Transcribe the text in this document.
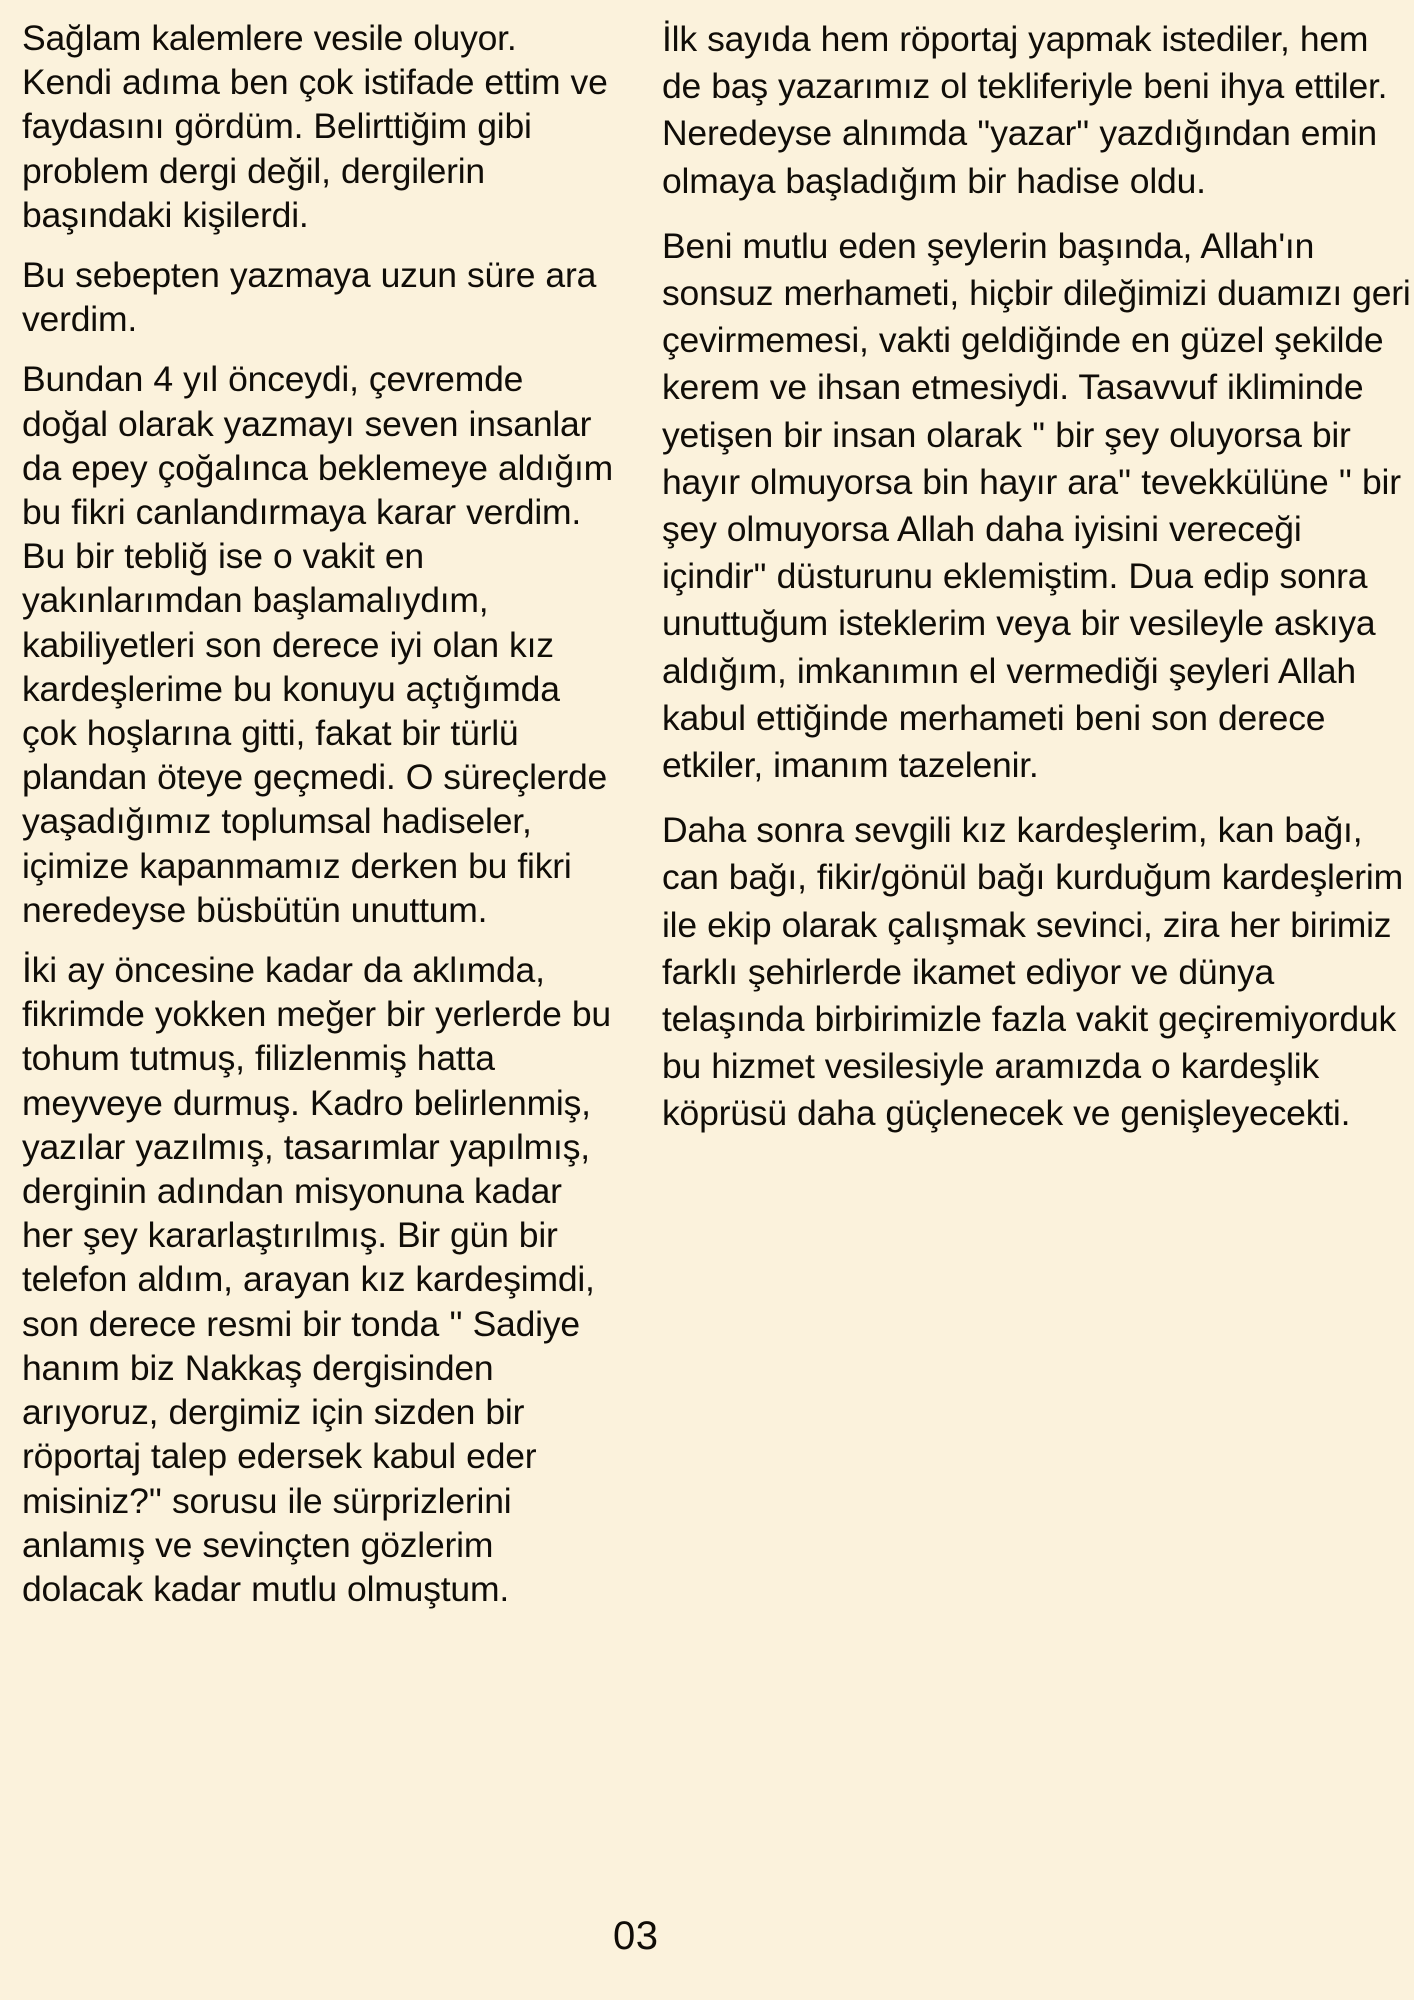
Sağlam kalemlere vesile oluyor. Kendi adıma ben çok istifade ettim ve faydasını gördüm. Belirttiğim gibi problem dergi değil, dergilerin başındaki kişilerdi.

Bu sebepten yazmaya uzun süre ara verdim.

Bundan 4 yıl önceydi, çevremde doğal olarak yazmayı seven insanlar da epey çoğalınca beklemeye aldığım bu fikri canlandırmaya karar verdim. Bu bir tebliğ ise o vakit en yakınlarımdan başlamalıydım, kabiliyetleri son derece iyi olan kız kardeşlerime bu konuyu açtığımda çok hoşlarına gitti, fakat bir türlü plandan öteye geçmedi. O süreçlerde yaşadığımız toplumsal hadiseler, içimize kapanmamız derken bu fikri neredeyse büsbütün unuttum.

İki ay öncesine kadar da aklımda, fikrimde yokken meğer bir yerlerde bu tohum tutmuş, filizlenmiş hatta meyveye durmuş. Kadro belirlenmiş, yazılar yazılmış, tasarımlar yapılmış, derginin adından misyonuna kadar her şey kararlaştırılmış. Bir gün bir telefon aldım, arayan kız kardeşimdi, son derece resmi bir tonda '' Sadiye hanım biz Nakkaş dergisinden arıyoruz, dergimiz için sizden bir röportaj talep edersek kabul eder misiniz?'' sorusu ile sürprizlerini anlamış ve sevinçten gözlerim dolacak kadar mutlu olmuştum.

İlk sayıda hem röportaj yapmak istediler, hem de baş yazarımız ol tekliferiyle beni ihya ettiler. Neredeyse alnımda ''yazar'' yazdığından emin olmaya başladığım bir hadise oldu.

Beni mutlu eden şeylerin başında, Allah'ın sonsuz merhameti, hiçbir dileğimizi duamızı geri çevirmemesi, vakti geldiğinde en güzel şekilde kerem ve ihsan etmesiydi. Tasavvuf ikliminde yetişen bir insan olarak '' bir şey oluyorsa bir hayır olmuyorsa bin hayır ara'' tevekkülüne '' bir şey olmuyorsa Allah daha iyisini vereceği içindir'' düsturunu eklemiştim. Dua edip sonra unuttuğum isteklerim veya bir vesileyle askıya aldığım, imkanımın el vermediği şeyleri Allah kabul ettiğinde merhameti beni son derece etkiler, imanım tazelenir.

Daha sonra sevgili kız kardeşlerim, kan bağı, can bağı, fikir/gönül bağı kurduğum kardeşlerim ile ekip olarak çalışmak sevinci, zira her birimiz farklı şehirlerde ikamet ediyor ve dünya telaşında birbirimizle fazla vakit geçiremiyorduk bu hizmet vesilesiyle aramızda o kardeşlik köprüsü daha güçlenecek ve genişleyecekti.

03
